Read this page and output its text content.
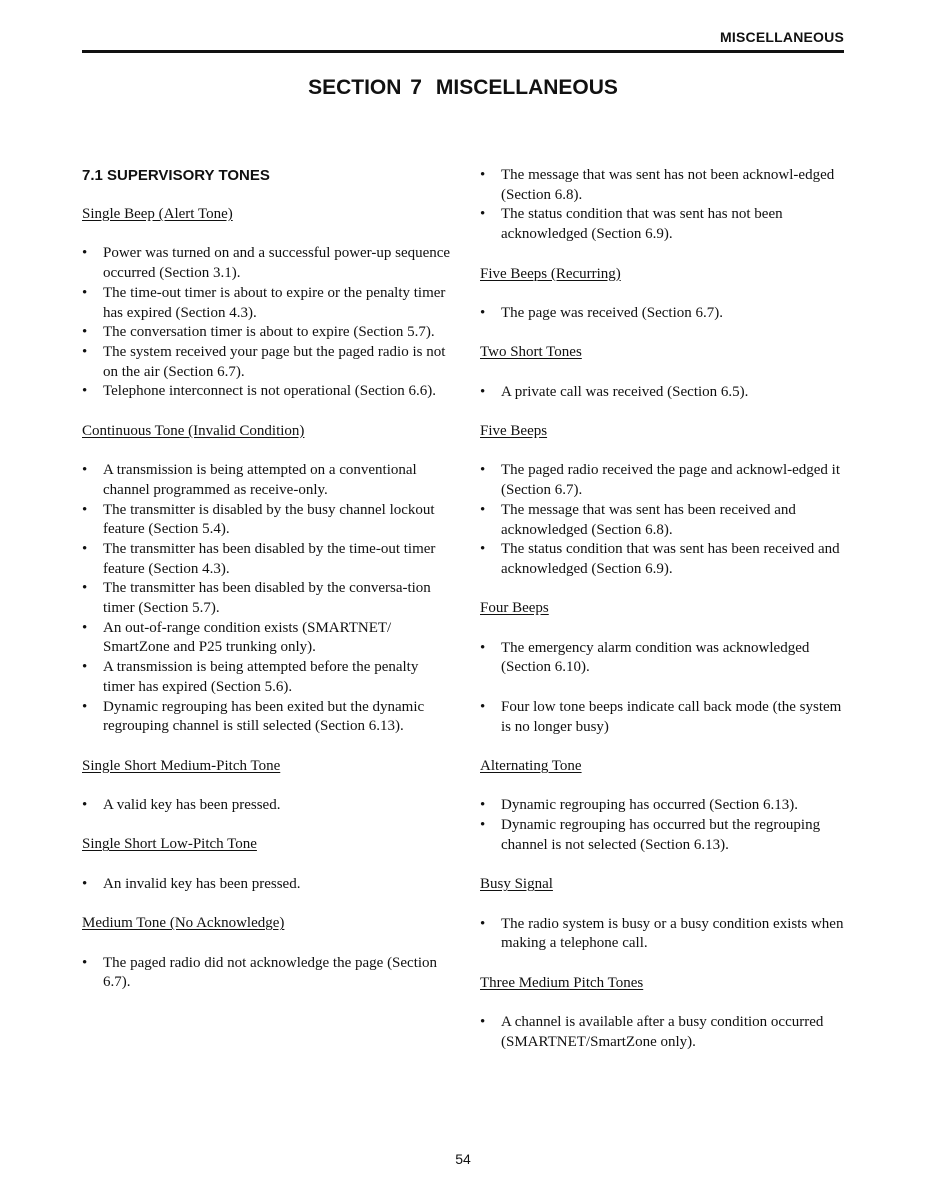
MISCELLANEOUS
SECTION 7 MISCELLANEOUS
7.1 SUPERVISORY TONES
Single Beep (Alert Tone)
• Power was turned on and a successful power-up sequence occurred (Section 3.1).
• The time-out timer is about to expire or the penalty timer has expired (Section 4.3).
• The conversation timer is about to expire (Section 5.7).
• The system received your page but the paged radio is not on the air (Section 6.7).
• Telephone interconnect is not operational (Section 6.6).
Continuous Tone (Invalid Condition)
• A transmission is being attempted on a conventional channel programmed as receive-only.
• The transmitter is disabled by the busy channel lockout feature (Section 5.4).
• The transmitter has been disabled by the time-out timer feature (Section 4.3).
• The transmitter has been disabled by the conversa-tion timer (Section 5.7).
• An out-of-range condition exists (SMARTNET/ SmartZone and P25 trunking only).
• A transmission is being attempted before the penalty timer has expired (Section 5.6).
• Dynamic regrouping has been exited but the dynamic regrouping channel is still selected (Section 6.13).
Single Short Medium-Pitch Tone
• A valid key has been pressed.
Single Short Low-Pitch Tone
• An invalid key has been pressed.
Medium Tone (No Acknowledge)
• The paged radio did not acknowledge the page (Section 6.7).
• The message that was sent has not been acknowl-edged (Section 6.8).
• The status condition that was sent has not been acknowledged (Section 6.9).
Five Beeps (Recurring)
• The page was received (Section 6.7).
Two Short Tones
• A private call was received (Section 6.5).
Five Beeps
• The paged radio received the page and acknowl-edged it (Section 6.7).
• The message that was sent has been received and acknowledged (Section 6.8).
• The status condition that was sent has been received and acknowledged (Section 6.9).
Four Beeps
• The emergency alarm condition was acknowledged (Section 6.10).
• Four low tone beeps indicate call back mode (the system is no longer busy)
Alternating Tone
• Dynamic regrouping has occurred (Section 6.13).
• Dynamic regrouping has occurred but the regrouping channel is not selected (Section 6.13).
Busy Signal
• The radio system is busy or a busy condition exists when making a telephone call.
Three Medium Pitch Tones
• A channel is available after a busy condition occurred (SMARTNET/SmartZone only).
54
